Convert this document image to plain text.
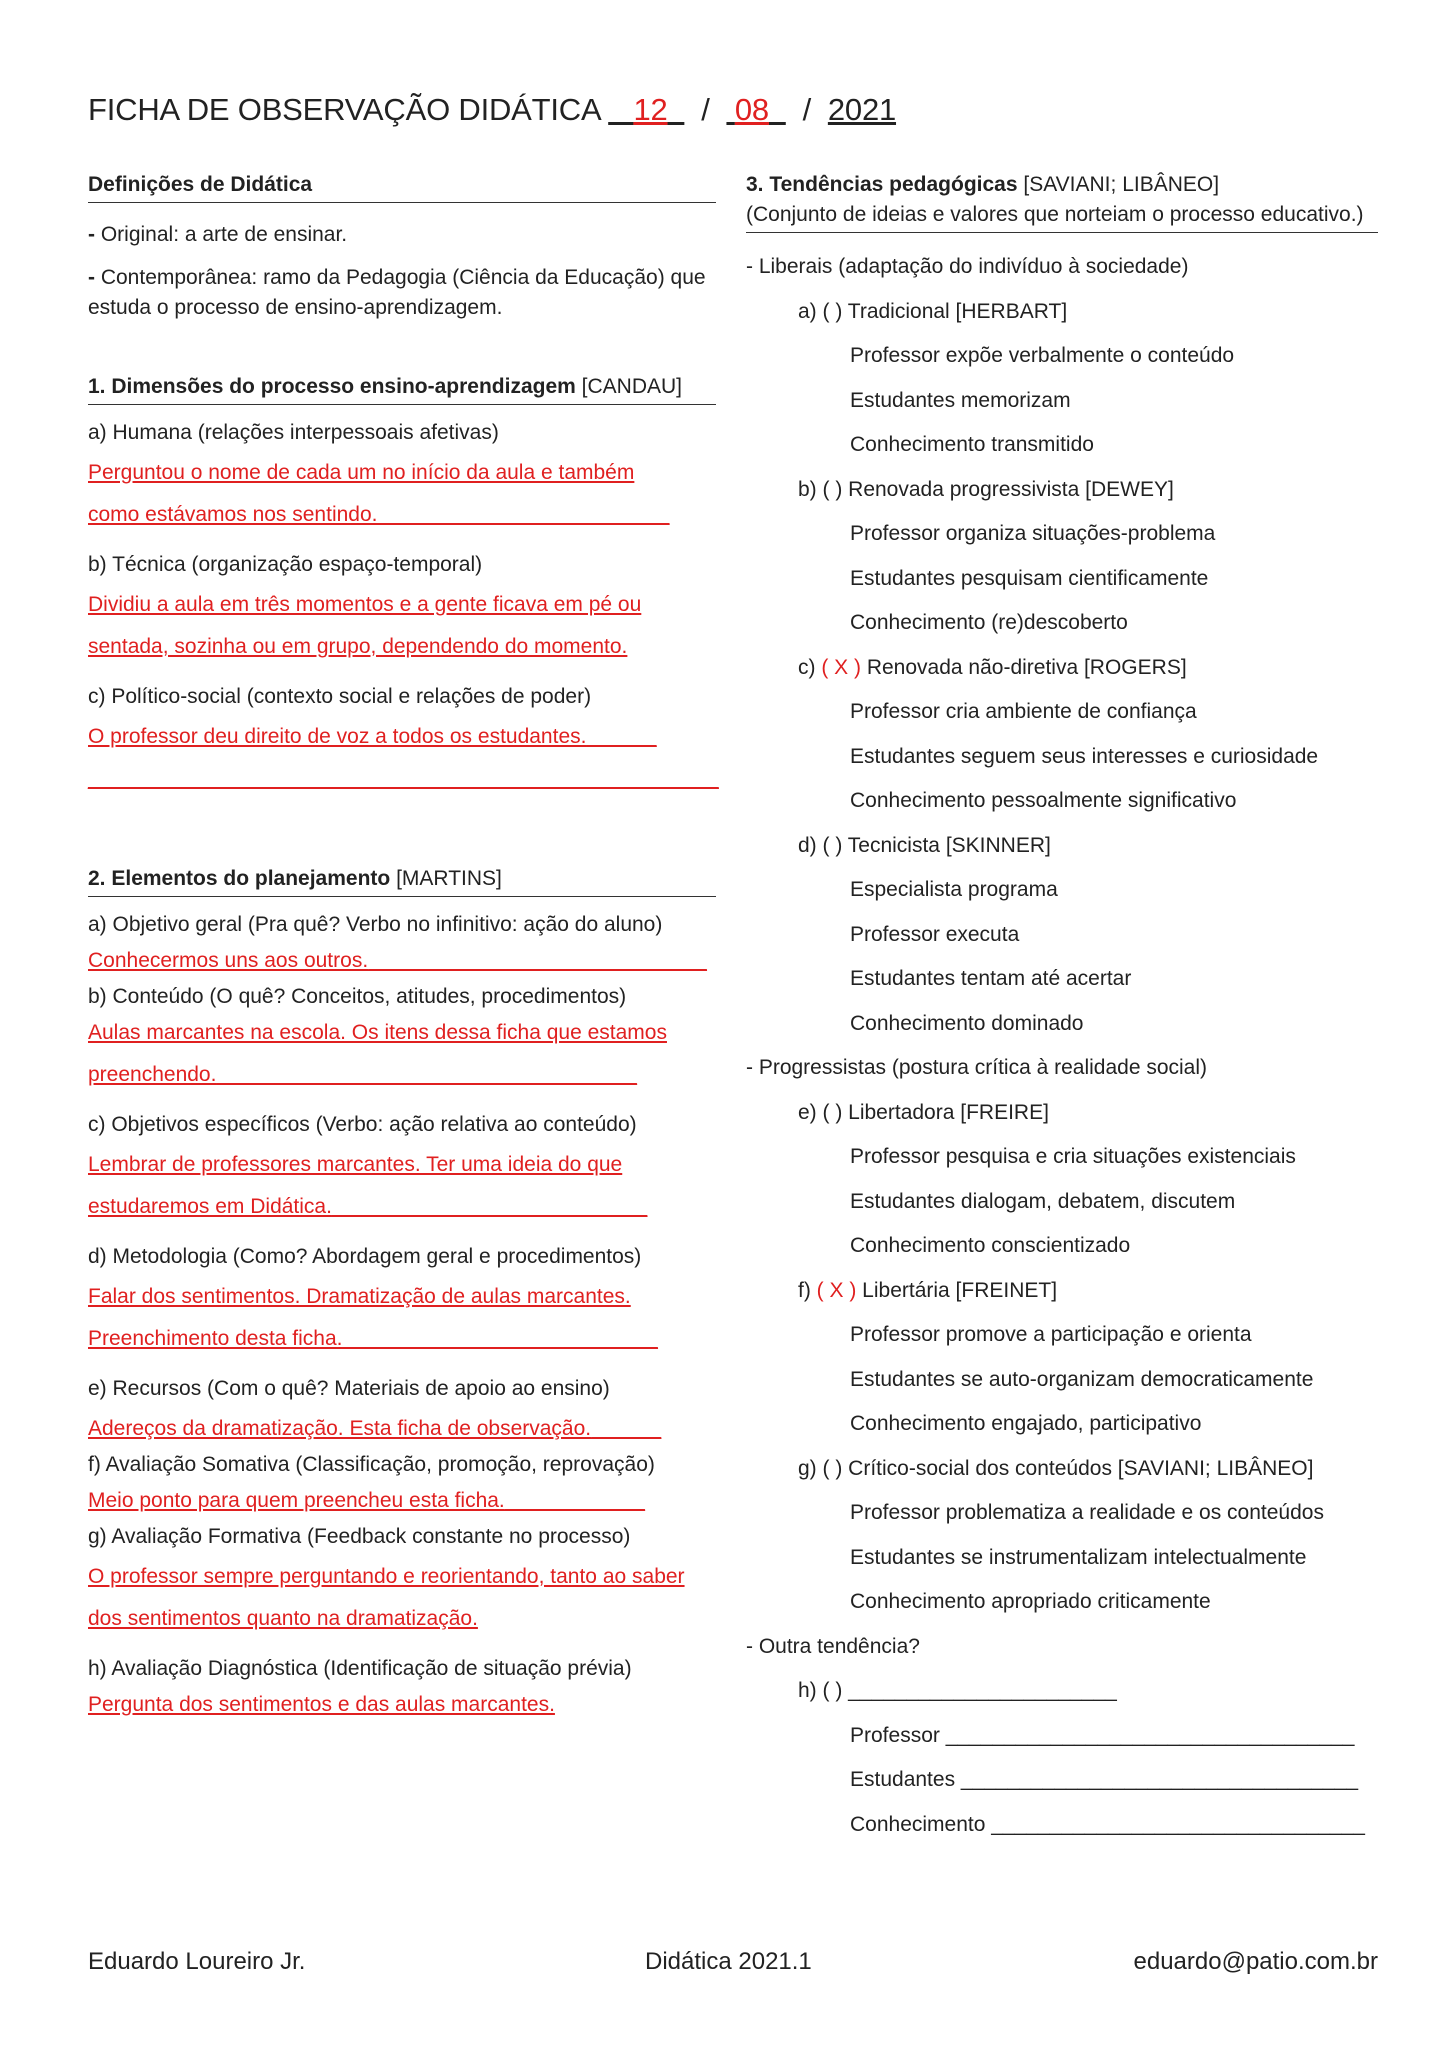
FICHA DE OBSERVAÇÃO DIDÁTICA 12 / 08 / 2021
Definições de Didática
- Original: a arte de ensinar.
- Contemporânea: ramo da Pedagogia (Ciência da Educação) que estuda o processo de ensino-aprendizagem.
1. Dimensões do processo ensino-aprendizagem [CANDAU]
a) Humana (relações interpessoais afetivas)
Perguntou o nome de cada um no início da aula e também como estávamos nos sentindo._________________________
b) Técnica (organização espaço-temporal)
Dividiu a aula em três momentos e a gente ficava em pé ou sentada, sozinha ou em grupo, dependendo do momento.
c) Político-social (contexto social e relações de poder)
O professor deu direito de voz a todos os estudantes.______
______________________________________________________
2. Elementos do planejamento [MARTINS]
a) Objetivo geral (Pra quê? Verbo no infinitivo: ação do aluno)
Conhecermos uns aos outros._____________________________
b) Conteúdo (O quê? Conceitos, atitudes, procedimentos)
Aulas marcantes na escola. Os itens dessa ficha que estamos preenchendo.____________________________________
c) Objetivos específicos (Verbo: ação relativa ao conteúdo)
Lembrar de professores marcantes. Ter uma ideia do que estudaremos em Didática.___________________________
d) Metodologia (Como? Abordagem geral e procedimentos)
Falar dos sentimentos. Dramatização de aulas marcantes. Preenchimento desta ficha.___________________________
e) Recursos (Com o quê? Materiais de apoio ao ensino)
Adereços da dramatização. Esta ficha de observação.______
f) Avaliação Somativa (Classificação, promoção, reprovação)
Meio ponto para quem preencheu esta ficha.____________
g) Avaliação Formativa (Feedback constante no processo)
O professor sempre perguntando e reorientando, tanto ao saber dos sentimentos quanto na dramatização.
h) Avaliação Diagnóstica (Identificação de situação prévia)
Pergunta dos sentimentos e das aulas marcantes.
3. Tendências pedagógicas [SAVIANI; LIBÂNEO]
(Conjunto de ideias e valores que norteiam o processo educativo.)
- Liberais (adaptação do indivíduo à sociedade)
a) ( ) Tradicional [HERBART]
Professor expõe verbalmente o conteúdo
Estudantes memorizam
Conhecimento transmitido
b) ( ) Renovada progressivista [DEWEY]
Professor organiza situações-problema
Estudantes pesquisam cientificamente
Conhecimento (re)descoberto
c) ( X ) Renovada não-diretiva [ROGERS]
Professor cria ambiente de confiança
Estudantes seguem seus interesses e curiosidade
Conhecimento pessoalmente significativo
d) ( ) Tecnicista [SKINNER]
Especialista programa
Professor executa
Estudantes tentam até acertar
Conhecimento dominado
- Progressistas (postura crítica à realidade social)
e) ( ) Libertadora [FREIRE]
Professor pesquisa e cria situações existenciais
Estudantes dialogam, debatem, discutem
Conhecimento conscientizado
f) ( X ) Libertária [FREINET]
Professor promove a participação e orienta
Estudantes se auto-organizam democraticamente
Conhecimento engajado, participativo
g) ( ) Crítico-social dos conteúdos [SAVIANI; LIBÂNEO]
Professor problematiza a realidade e os conteúdos
Estudantes se instrumentalizam intelectualmente
Conhecimento apropriado criticamente
- Outra tendência?
h) ( ) _______________________
Professor ___________________________________
Estudantes __________________________________
Conhecimento ________________________________
Eduardo Loureiro Jr.	Didática 2021.1	eduardo@patio.com.br
